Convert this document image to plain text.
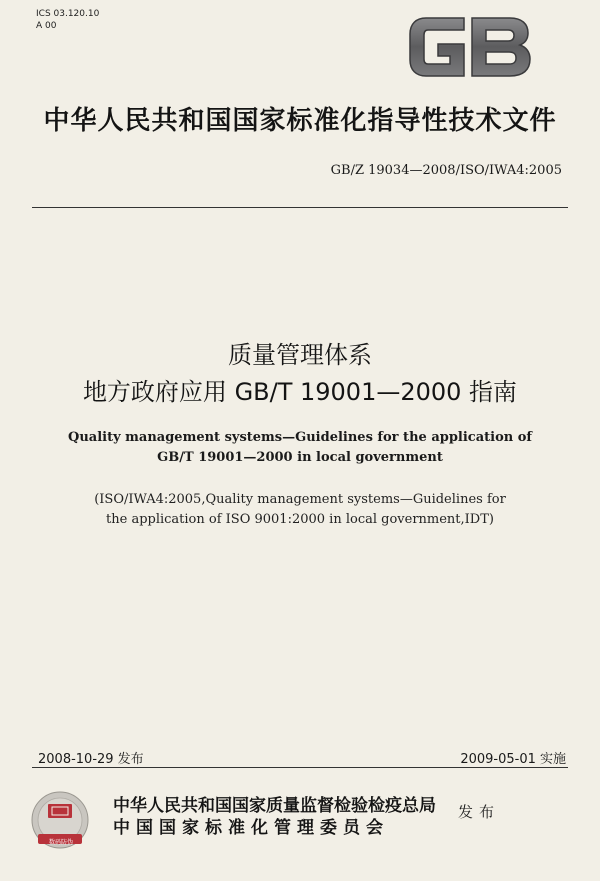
ICS 03.120.10
A 00
中华人民共和国国家标准化指导性技术文件
GB/Z 19034—2008/ISO/IWA4:2005
质量管理体系
地方政府应用 GB/T 19001—2000 指南
Quality management systems—Guidelines for the application of
GB/T 19001—2000 in local government
(ISO/IWA4:2005,Quality management systems—Guidelines for
the application of ISO 9001:2000 in local government,IDT)
2008-10-29 发布	2009-05-01 实施
数码防伪
中华人民共和国国家质量监督检验检疫总局
中国国家标准化管理委员会
发布
